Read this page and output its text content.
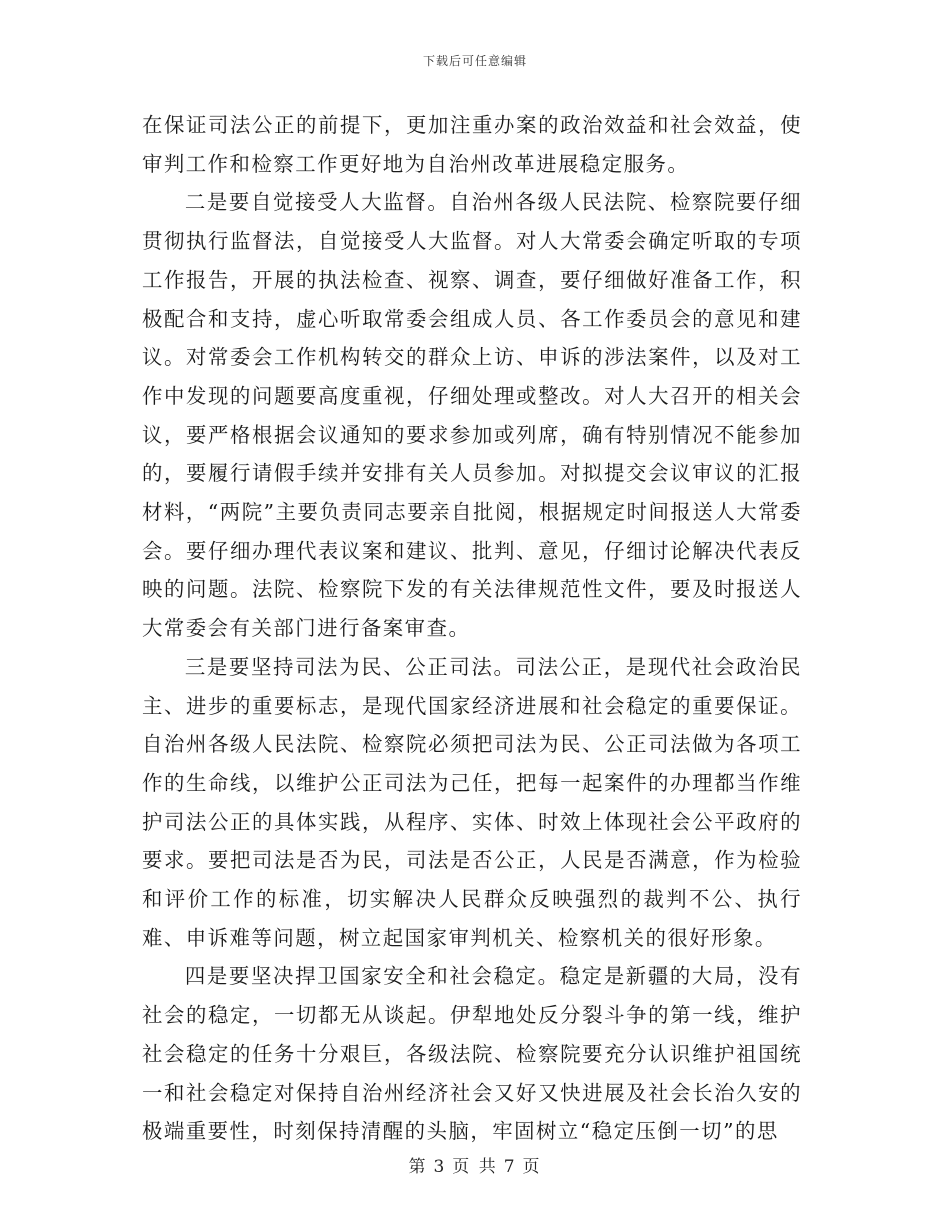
下载后可任意编辑

在保证司法公正的前提下，更加注重办案的政治效益和社会效益，使审判工作和检察工作更好地为自治州改革进展稳定服务。

二是要自觉接受人大监督。自治州各级人民法院、检察院要仔细贯彻执行监督法，自觉接受人大监督。对人大常委会确定听取的专项工作报告，开展的执法检查、视察、调查，要仔细做好准备工作，积极配合和支持，虚心听取常委会组成人员、各工作委员会的意见和建议。对常委会工作机构转交的群众上访、申诉的涉法案件，以及对工作中发现的问题要高度重视，仔细处理或整改。对人大召开的相关会议，要严格根据会议通知的要求参加或列席，确有特别情况不能参加的，要履行请假手续并安排有关人员参加。对拟提交会议审议的汇报材料，“两院”主要负责同志要亲自批阅，根据规定时间报送人大常委会。要仔细办理代表议案和建议、批判、意见，仔细讨论解决代表反映的问题。法院、检察院下发的有关法律规范性文件，要及时报送人大常委会有关部门进行备案审查。

三是要坚持司法为民、公正司法。司法公正，是现代社会政治民主、进步的重要标志，是现代国家经济进展和社会稳定的重要保证。自治州各级人民法院、检察院必须把司法为民、公正司法做为各项工作的生命线，以维护公正司法为己任，把每一起案件的办理都当作维护司法公正的具体实践，从程序、实体、时效上体现社会公平政府的要求。要把司法是否为民，司法是否公正，人民是否满意，作为检验和评价工作的标准，切实解决人民群众反映强烈的裁判不公、执行难、申诉难等问题，树立起国家审判机关、检察机关的很好形象。

四是要坚决捍卫国家安全和社会稳定。稳定是新疆的大局，没有社会的稳定，一切都无从谈起。伊犁地处反分裂斗争的第一线，维护社会稳定的任务十分艰巨，各级法院、检察院要充分认识维护祖国统一和社会稳定对保持自治州经济社会又好又快进展及社会长治久安的极端重要性，时刻保持清醒的头脑，牢固树立“稳定压倒一切”的思

第 3 页 共 7 页
